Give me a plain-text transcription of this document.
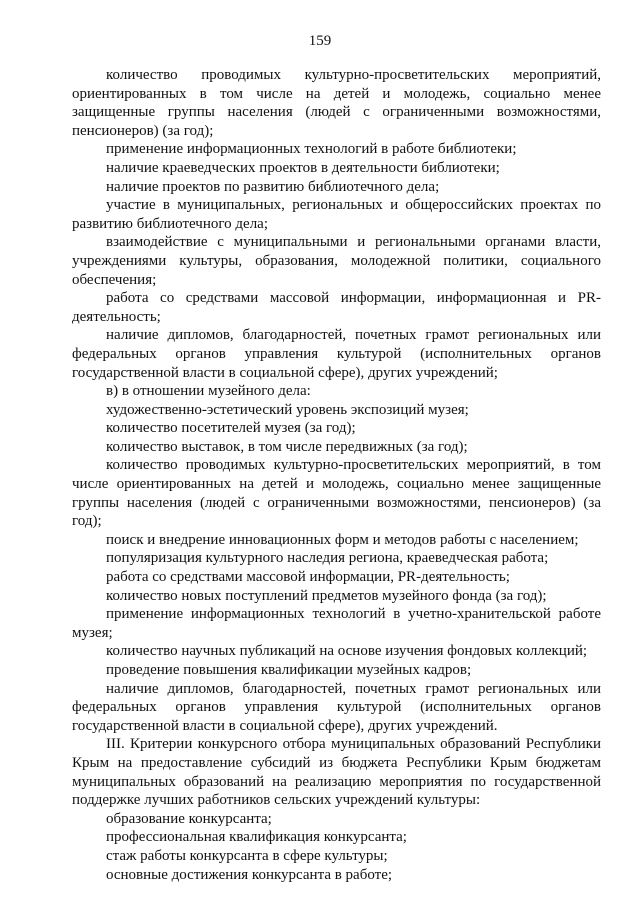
159

количество проводимых культурно-просветительских мероприятий, ориентированных в том числе на детей и молодежь, социально менее защищенные группы населения (людей с ограниченными возможностями, пенсионеров) (за год);

применение информационных технологий в работе библиотеки;

наличие краеведческих проектов в деятельности библиотеки;

наличие проектов по развитию библиотечного дела;

участие в муниципальных, региональных и общероссийских проектах по развитию библиотечного дела;

взаимодействие с муниципальными и региональными органами власти, учреждениями культуры, образования, молодежной политики, социального обеспечения;

работа со средствами массовой информации, информационная и PR-деятельность;

наличие дипломов, благодарностей, почетных грамот региональных или федеральных органов управления культурой (исполнительных органов государственной власти в социальной сфере), других учреждений;

в) в отношении музейного дела:

художественно-эстетический уровень экспозиций музея;

количество посетителей музея (за год);

количество выставок, в том числе передвижных (за год);

количество проводимых культурно-просветительских мероприятий, в том числе ориентированных на детей и молодежь, социально менее защищенные группы населения (людей с ограниченными возможностями, пенсионеров) (за год);

поиск и внедрение инновационных форм и методов работы с населением;

популяризация культурного наследия региона, краеведческая работа;

работа со средствами массовой информации, PR-деятельность;

количество новых поступлений предметов музейного фонда (за год);

применение информационных технологий в учетно-хранительской работе музея;

количество научных публикаций на основе изучения фондовых коллекций;

проведение повышения квалификации музейных кадров;

наличие дипломов, благодарностей, почетных грамот региональных или федеральных органов управления культурой (исполнительных органов государственной власти в социальной сфере), других учреждений.

III. Критерии конкурсного отбора муниципальных образований Республики Крым на предоставление субсидий из бюджета Республики Крым бюджетам муниципальных образований на реализацию мероприятия по государственной поддержке лучших работников сельских учреждений культуры:

образование конкурсанта;

профессиональная квалификация конкурсанта;

стаж работы конкурсанта в сфере культуры;

основные достижения конкурсанта в работе;
